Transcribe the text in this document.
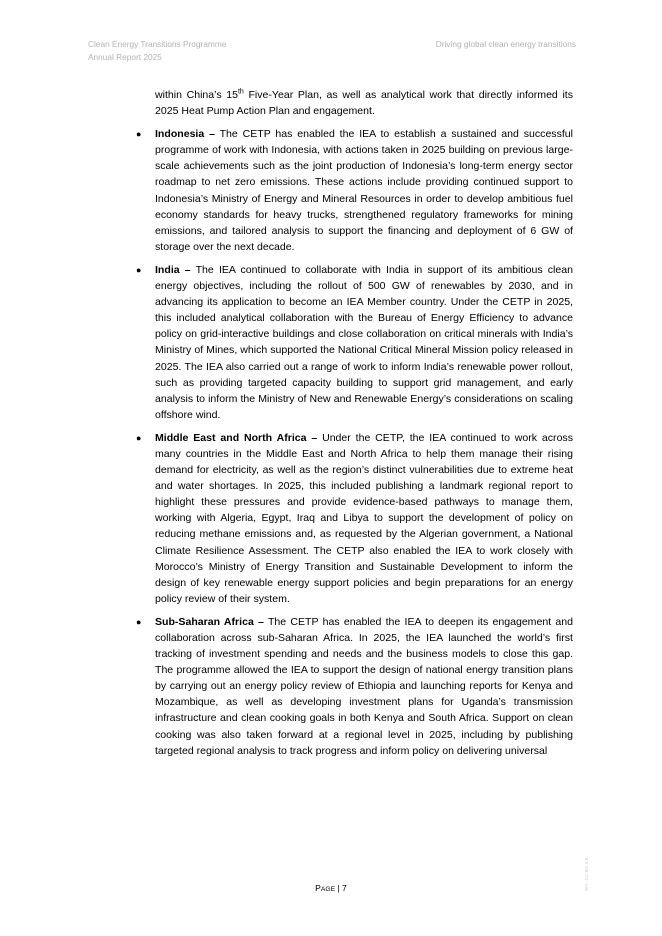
Clean Energy Transitions Programme
Annual Report 2025
Driving global clean energy transitions

within China’s 15th Five-Year Plan, as well as analytical work that directly informed its 2025 Heat Pump Action Plan and engagement.

● Indonesia – The CETP has enabled the IEA to establish a sustained and successful programme of work with Indonesia, with actions taken in 2025 building on previous large-scale achievements such as the joint production of Indonesia’s long-term energy sector roadmap to net zero emissions. These actions include providing continued support to Indonesia’s Ministry of Energy and Mineral Resources in order to develop ambitious fuel economy standards for heavy trucks, strengthened regulatory frameworks for mining emissions, and tailored analysis to support the financing and deployment of 6 GW of storage over the next decade.
● India – The IEA continued to collaborate with India in support of its ambitious clean energy objectives, including the rollout of 500 GW of renewables by 2030, and in advancing its application to become an IEA Member country. Under the CETP in 2025, this included analytical collaboration with the Bureau of Energy Efficiency to advance policy on grid-interactive buildings and close collaboration on critical minerals with India’s Ministry of Mines, which supported the National Critical Mineral Mission policy released in 2025. The IEA also carried out a range of work to inform India’s renewable power rollout, such as providing targeted capacity building to support grid management, and early analysis to inform the Ministry of New and Renewable Energy’s considerations on scaling offshore wind.
● Middle East and North Africa – Under the CETP, the IEA continued to work across many countries in the Middle East and North Africa to help them manage their rising demand for electricity, as well as the region’s distinct vulnerabilities due to extreme heat and water shortages. In 2025, this included publishing a landmark regional report to highlight these pressures and provide evidence-based pathways to manage them, working with Algeria, Egypt, Iraq and Libya to support the development of policy on reducing methane emissions and, as requested by the Algerian government, a National Climate Resilience Assessment. The CETP also enabled the IEA to work closely with Morocco’s Ministry of Energy Transition and Sustainable Development to inform the design of key renewable energy support policies and begin preparations for an energy policy review of their system.
● Sub-Saharan Africa – The CETP has enabled the IEA to deepen its engagement and collaboration across sub-Saharan Africa. In 2025, the IEA launched the world’s first tracking of investment spending and needs and the business models to close this gap. The programme allowed the IEA to support the design of national energy transition plans by carrying out an energy policy review of Ethiopia and launching reports for Kenya and Mozambique, as well as developing investment plans for Uganda’s transmission infrastructure and clean cooking goals in both Kenya and South Africa. Support on clean cooking was also taken forward at a regional level in 2025, including by publishing targeted regional analysis to track progress and inform policy on delivering universal
PAGE | 7	IEA. CC BY 4.0.
